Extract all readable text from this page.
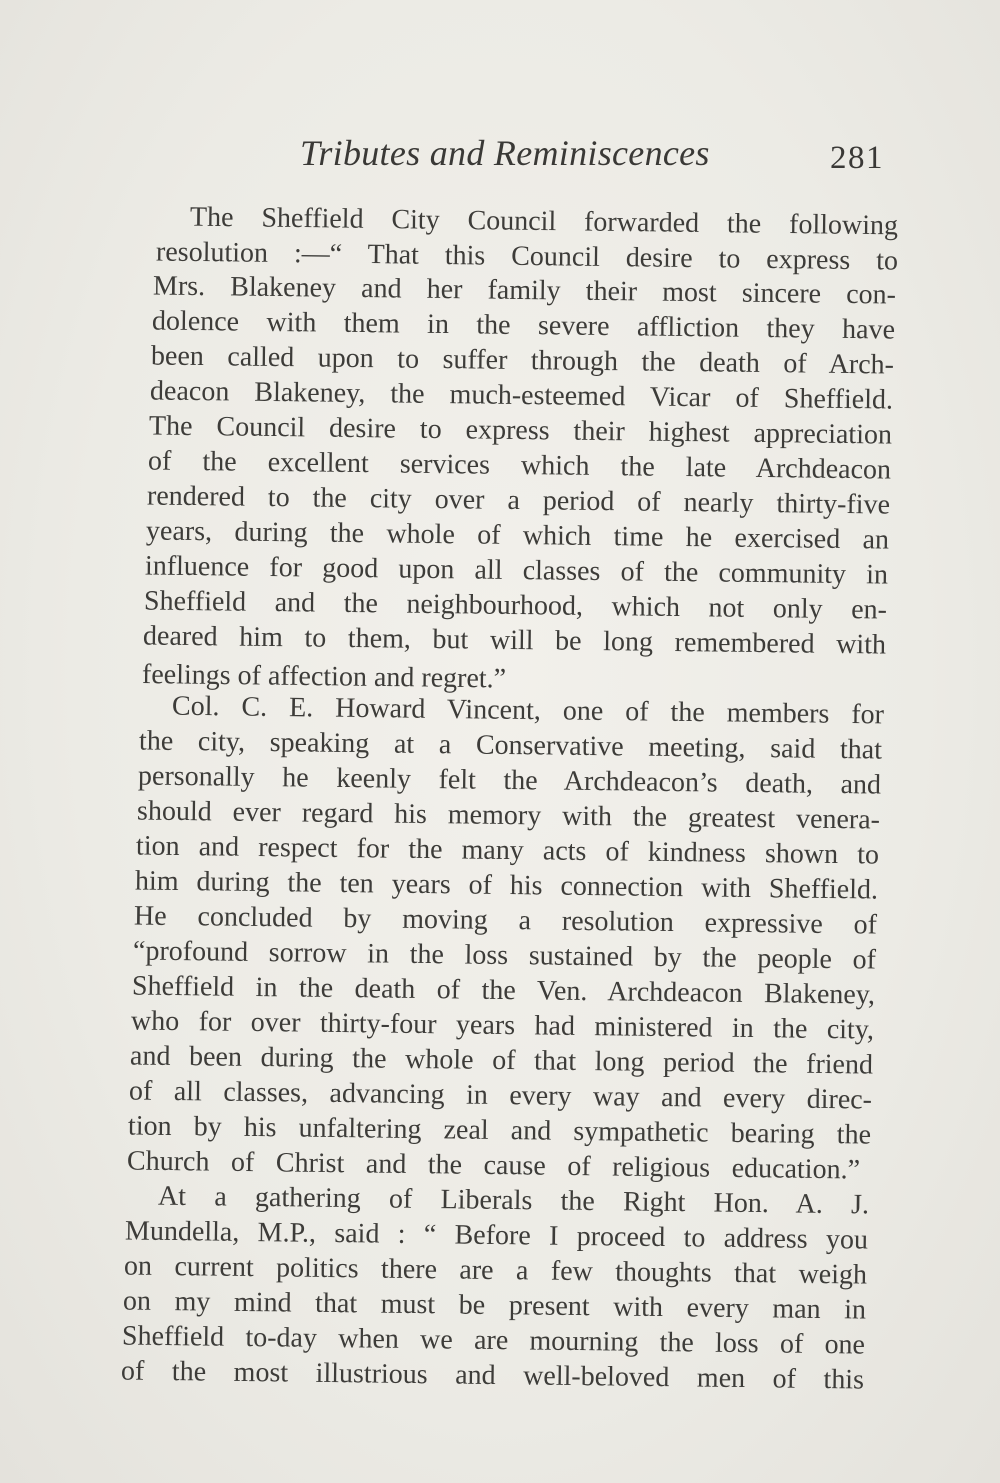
Tributes and Reminiscences	281
The Sheffield City Council forwarded the following
resolution :—“ That this Council desire to express to
Mrs. Blakeney and her family their most sincere con-
dolence with them in the severe affliction they have
been called upon to suffer through the death of Arch-
deacon Blakeney, the much-esteemed Vicar of Sheffield.
The Council desire to express their highest appreciation
of the excellent services which the late Archdeacon
rendered to the city over a period of nearly thirty-five
years, during the whole of which time he exercised an
influence for good upon all classes of the community in
Sheffield and the neighbourhood, which not only en-
deared him to them, but will be long remembered with
feelings of affection and regret.”
Col. C. E. Howard Vincent, one of the members for
the city, speaking at a Conservative meeting, said that
personally he keenly felt the Archdeacon’s death, and
should ever regard his memory with the greatest venera-
tion and respect for the many acts of kindness shown to
him during the ten years of his connection with Sheffield.
He concluded by moving a resolution expressive of
“profound sorrow in the loss sustained by the people of
Sheffield in the death of the Ven. Archdeacon Blakeney,
who for over thirty-four years had ministered in the city,
and been during the whole of that long period the friend
of all classes, advancing in every way and every direc-
tion by his unfaltering zeal and sympathetic bearing the
Church of Christ and the cause of religious education.”
At a gathering of Liberals the Right Hon. A. J.
Mundella, M.P., said : “ Before I proceed to address you
on current politics there are a few thoughts that weigh
on my mind that must be present with every man in
Sheffield to-day when we are mourning the loss of one
of the most illustrious and well-beloved men of this
